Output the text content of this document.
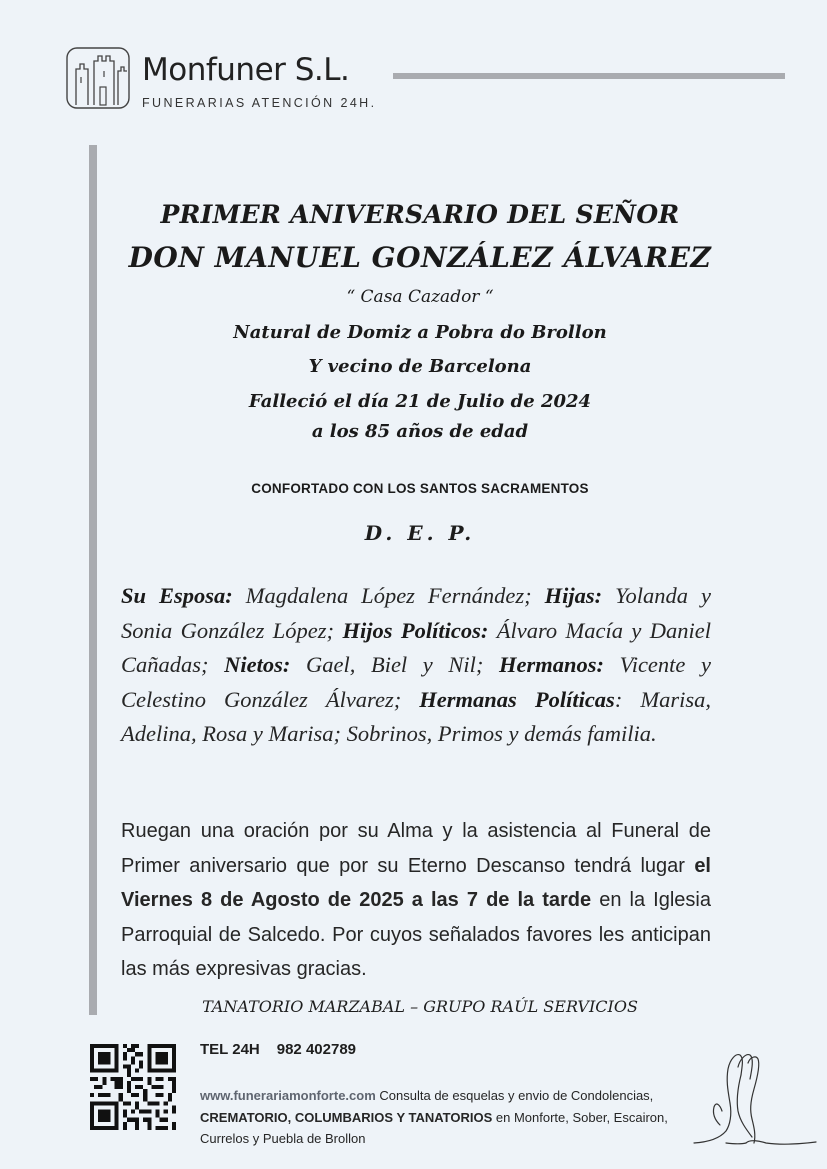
Monfuner S.L.
FUNERARIAS ATENCIÓN 24H.
PRIMER ANIVERSARIO DEL SEÑOR
DON MANUEL GONZÁLEZ ÁLVAREZ
“ Casa Cazador “
Natural de Domiz a Pobra do Brollon
Y vecino de Barcelona
Falleció el día 21 de Julio de 2024
a los 85 años de edad
CONFORTADO CON LOS SANTOS SACRAMENTOS
D. E. P.
Su Esposa: Magdalena López Fernández; Hijas: Yolanda y Sonia González López; Hijos Políticos: Álvaro Macía y Daniel Cañadas; Nietos: Gael, Biel y Nil; Hermanos: Vicente y Celestino González Álvarez; Hermanas Políticas: Marisa, Adelina, Rosa y Marisa; Sobrinos, Primos y demás familia.
Ruegan una oración por su Alma y la asistencia al Funeral de Primer aniversario que por su Eterno Descanso tendrá lugar el Viernes 8 de Agosto de 2025 a las 7 de la tarde en la Iglesia Parroquial de Salcedo. Por cuyos señalados favores les anticipan las más expresivas gracias.
TANATORIO MARZABAL – GRUPO RAÚL SERVICIOS
TEL 24H 982 402789
www.funerariamonforte.com Consulta de esquelas y envio de Condolencias, CREMATORIO, COLUMBARIOS Y TANATORIOS en Monforte, Sober, Escairon, Currelos y Puebla de Brollon
